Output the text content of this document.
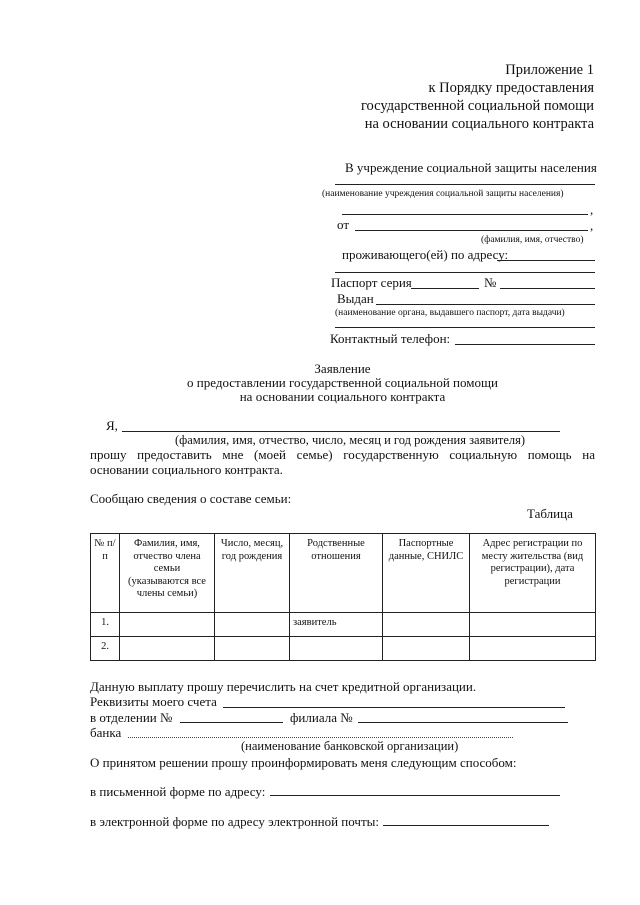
Приложение 1
к Порядку предоставления
государственной социальной помощи
на основании социального контракта
В учреждение социальной защиты населения
(наименование учреждения социальной защиты населения)
,
от	,
(фамилия, имя, отчество)
проживающего(ей) по адресу:
Паспорт серия	№
Выдан
(наименование органа, выдавшего паспорт, дата выдачи)
Контактный телефон:
Заявление
о предоставлении государственной социальной помощи
на основании социального контракта
Я,
(фамилия, имя, отчество, число, месяц и год рождения заявителя)
прошу предоставить мне (моей семье) государственную социальную помощь на
основании социального контракта.
Сообщаю сведения о составе семьи:
Таблица
№ п/п	Фамилия, имя, отчество члена семьи (указываются все члены семьи)	Число, месяц, год рождения	Родственные отношения	Паспортные данные, СНИЛС	Адрес регистрации по месту жительства (вид регистрации), дата регистрации
1.			заявитель		
2.					
Данную выплату прошу перечислить на счет кредитной организации.
Реквизиты моего счета
в отделении №	филиала №
банка
(наименование банковской организации)
О принятом решении прошу проинформировать меня следующим способом:
в письменной форме по адресу:
в электронной форме по адресу электронной почты:
